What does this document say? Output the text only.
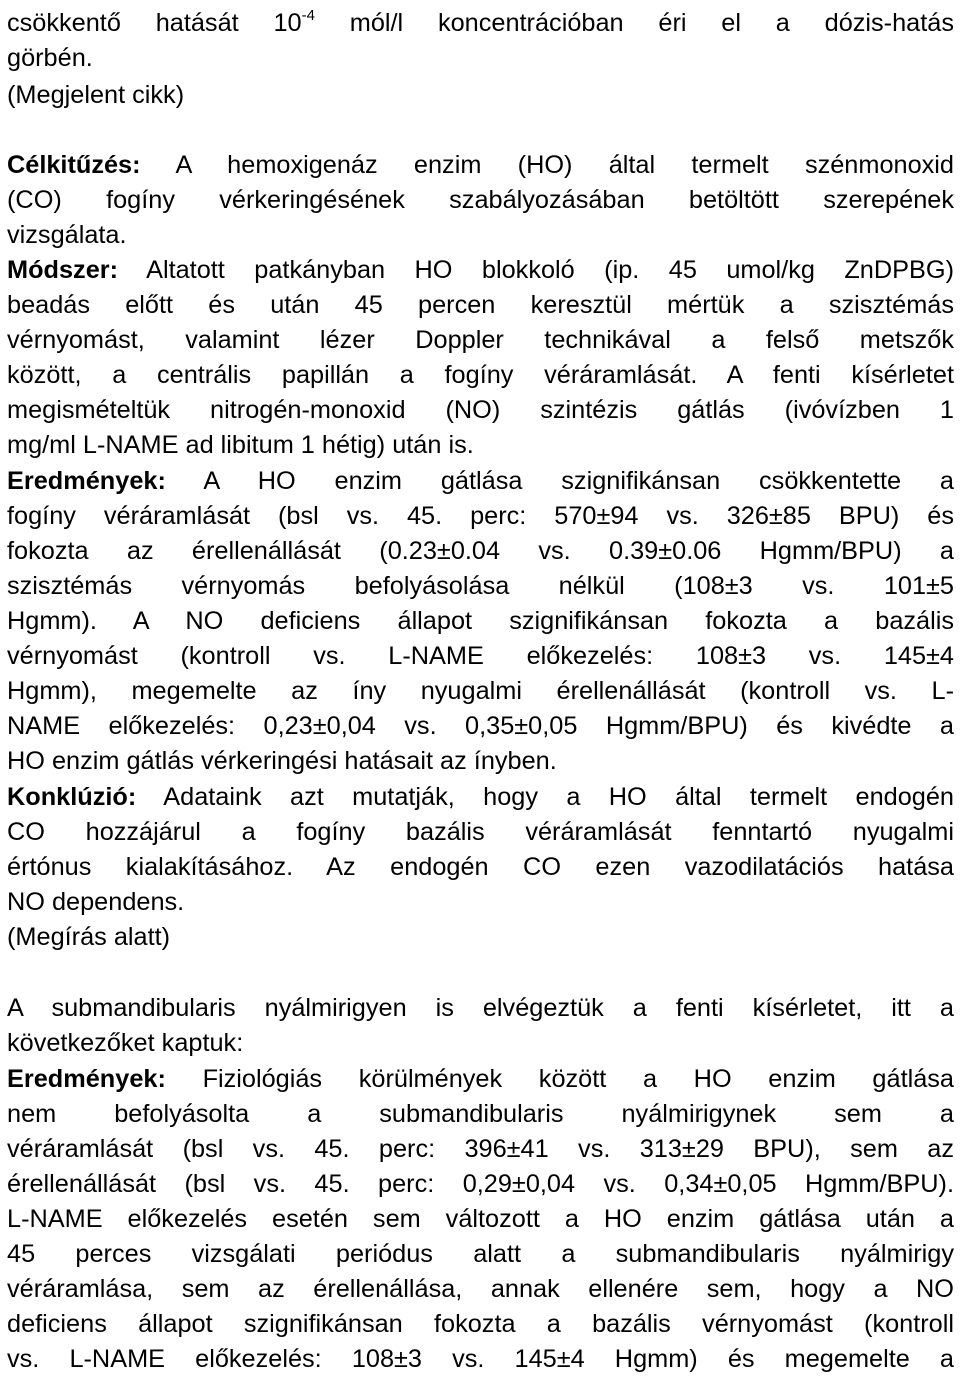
csökkentő hatását $10^{-4}$ mól/l koncentrációban éri el a dózis-hatás
görbén.
(Megjelent cikk)
Célkitűzés: A hemoxigenáz enzim (HO) által termelt szénmonoxid
(CO) fogíny vérkeringésének szabályozásában betöltött szerepének
vizsgálata.
Módszer: Altatott patkányban HO blokkoló (ip. 45 umol/kg ZnDPBG)
beadás előtt és után 45 percen keresztül mértük a szisztémás
vérnyomást, valamint lézer Doppler technikával a felső metszők
között, a centrális papillán a fogíny véráramlását. A fenti kísérletet
megismételtük nitrogén-monoxid (NO) szintézis gátlás (ivóvízben 1
mg/ml L-NAME ad libitum 1 hétig) után is.
Eredmények: A HO enzim gátlása szignifikánsan csökkentette a
fogíny véráramlását (bsl vs. 45. perc: 570±94 vs. 326±85 BPU) és
fokozta az érellenállását (0.23±0.04 vs. 0.39±0.06 Hgmm/BPU) a
szisztémás vérnyomás befolyásolása nélkül (108±3 vs. 101±5
Hgmm). A NO deficiens állapot szignifikánsan fokozta a bazális
vérnyomást (kontroll vs. L-NAME előkezelés: 108±3 vs. 145±4
Hgmm), megemelte az íny nyugalmi érellenállását (kontroll vs. L-
NAME előkezelés: 0,23±0,04 vs. 0,35±0,05 Hgmm/BPU) és kivédte a
HO enzim gátlás vérkeringési hatásait az ínyben.
Konklúzió: Adataink azt mutatják, hogy a HO által termelt endogén
CO hozzájárul a fogíny bazális véráramlását fenntartó nyugalmi
értónus kialakításához. Az endogén CO ezen vazodilatációs hatása
NO dependens.
(Megírás alatt)
A submandibularis nyálmirigyen is elvégeztük a fenti kísérletet, itt a
következőket kaptuk:
Eredmények: Fiziológiás körülmények között a HO enzim gátlása
nem befolyásolta a submandibularis nyálmirigynek sem a
véráramlását (bsl vs. 45. perc: 396±41 vs. 313±29 BPU), sem az
érellenállását (bsl vs. 45. perc: 0,29±0,04 vs. 0,34±0,05 Hgmm/BPU).
L-NAME előkezelés esetén sem változott a HO enzim gátlása után a
45 perces vizsgálati periódus alatt a submandibularis nyálmirigy
véráramlása, sem az érellenállása, annak ellenére sem, hogy a NO
deficiens állapot szignifikánsan fokozta a bazális vérnyomást (kontroll
vs. L-NAME előkezelés: 108±3 vs. 145±4 Hgmm) és megemelte a
